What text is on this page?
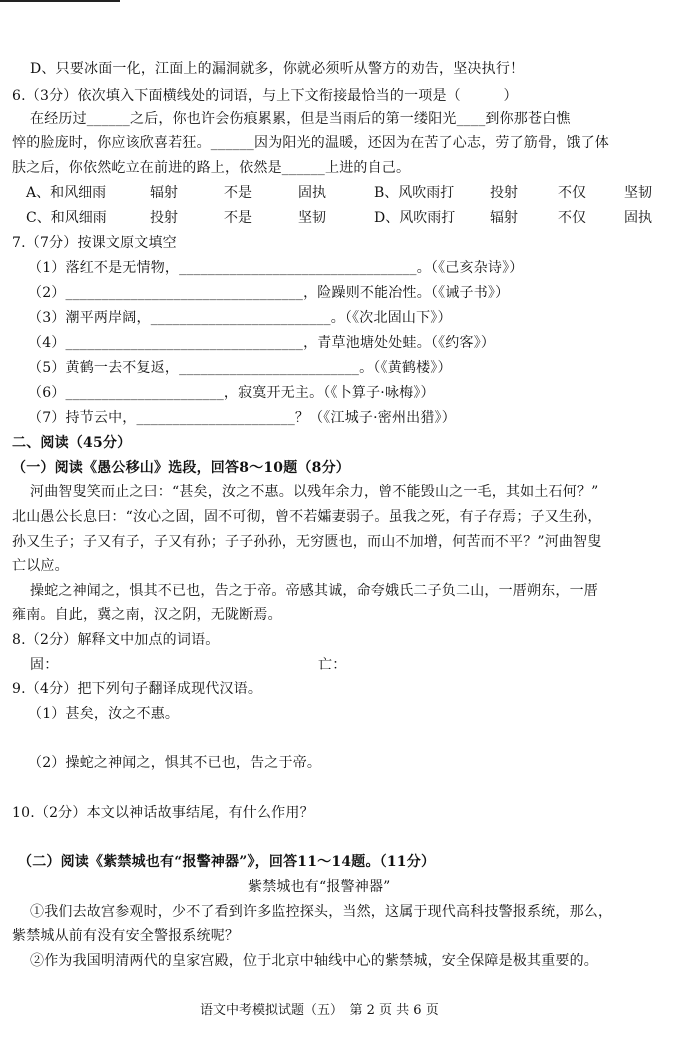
D、只要冰面一化，江面上的漏洞就多，你就必须听从警方的劝告，坚决执行！
6.（3分）依次填入下面横线处的词语，与上下文衔接最恰当的一项是（　　　）
在经历过______之后，你也许会伤痕累累，但是当雨后的第一缕阳光____到你那苍白憔
悴的脸庞时，你应该欣喜若狂。______因为阳光的温暖，还因为在苦了心志，劳了筋骨，饿了体
肤之后，你依然屹立在前进的路上，依然是______上进的自己。
A、和风细雨	辐射	不是	固执	B、风吹雨打	投射	不仅	坚韧
C、和风细雨	投射	不是	坚韧	D、风吹雨打 辐射	不仅	固执
7.（7分）按课文原文填空
（1）落红不是无情物，_________________________________。（《己亥杂诗》）
（2）_________________________________，险躁则不能冶性。（《诫子书》）
（3）潮平两岸阔，_________________________。（《次北固山下》）
（4）_________________________________，青草池塘处处蛙。（《约客》）
（5）黄鹤一去不复返，_________________________。（《黄鹤楼》）
（6）______________________，寂寞开无主。（《卜算子·咏梅》）
（7）持节云中，______________________？（《江城子·密州出猎》）
二、阅读（45分）
（一）阅读《愚公移山》选段，回答8～10题（8分）
河曲智叟笑而止之曰：“甚矣，汝之不惠。以残年余力，曾不能毁山之一毛，其如土石何？”
北山愚公长息曰：“汝心之固，固不可彻，曾不若孀妻弱子。虽我之死，有子存焉；子又生孙，
孙又生子；子又有子，子又有孙；子子孙孙，无穷匮也，而山不加增，何苦而不平？”河曲智叟
亡以应。
操蛇之神闻之，惧其不已也，告之于帝。帝感其诚，命夸娥氏二子负二山，一厝朔东，一厝
雍南。自此，冀之南，汉之阴，无陇断焉。
8.（2分）解释文中加点的词语。
固：	亡：
9.（4分）把下列句子翻译成现代汉语。
（1）甚矣，汝之不惠。
（2）操蛇之神闻之，惧其不已也，告之于帝。
10.（2分）本文以神话故事结尾，有什么作用？
（二）阅读《紫禁城也有“报警神器”》，回答11～14题。（11分）
紫禁城也有“报警神器”
①我们去故宫参观时，少不了看到许多监控探头，当然，这属于现代高科技警报系统，那么，
紫禁城从前有没有安全警报系统呢？
②作为我国明清两代的皇家宫殿，位于北京中轴线中心的紫禁城，安全保障是极其重要的。
语文中考模拟试题（五）　第 2 页 共 6 页
